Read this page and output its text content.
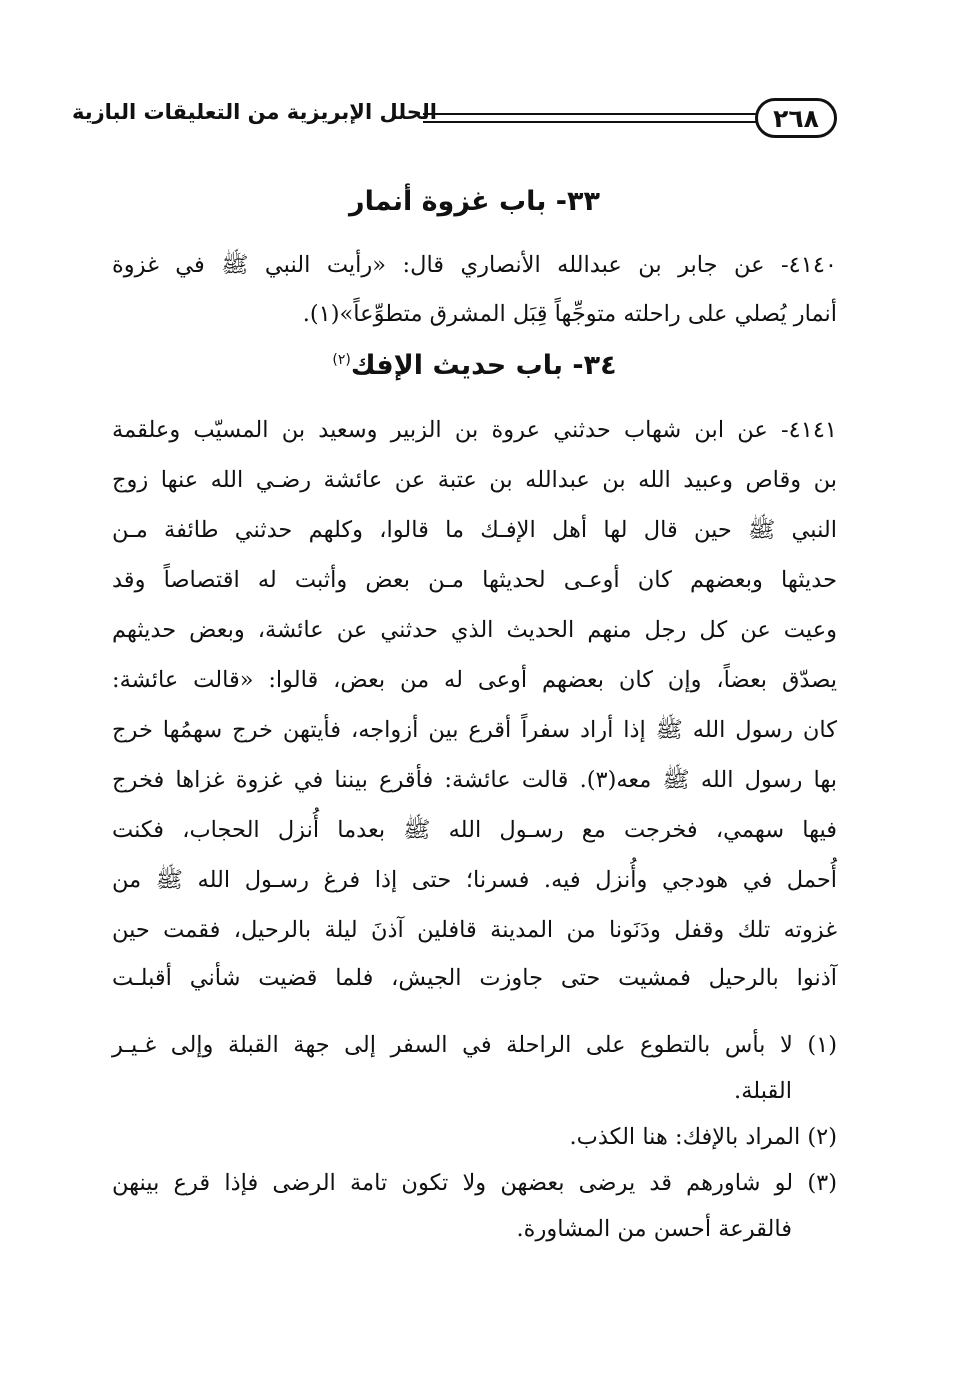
٢٦٨
الحلل الإبريزية من التعليقات البازية
٣٣- باب غزوة أنمار
٤١٤٠- عن جابر بن عبدالله الأنصاري قال: «رأيت النبي ﷺ في غزوة
أنمار يُصلي على راحلته متوجِّهاً قِبَل المشرق متطوِّعاً»(١).
٣٤- باب حديث الإفك$^{(٢)}$
٤١٤١- عن ابن شهاب حدثني عروة بن الزبير وسعيد بن المسيّب وعلقمة
بن وقاص وعبيد الله بن عبدالله بن عتبة عن عائشة رضـي الله عنها زوج
النبي ﷺ حين قال لها أهل الإفـك ما قالوا، وكلهم حدثني طائفة مـن
حديثها وبعضهم كان أوعـى لحديثها مـن بعض وأثبت له اقتصاصاً وقد
وعيت عن كل رجل منهم الحديث الذي حدثني عن عائشة، وبعض حديثهم
يصدّق بعضاً، وإن كان بعضهم أوعى له من بعض، قالوا: «قالت عائشة:
كان رسول الله ﷺ إذا أراد سفراً أقرع بين أزواجه، فأيتهن خرج سهمُها خرج
بها رسول الله ﷺ معه(٣). قالت عائشة: فأقرع بيننا في غزوة غزاها فخرج
فيها سهمي، فخرجت مع رسـول الله ﷺ بعدما أُنزل الحجاب، فكنت
أُحمل في هودجي وأُنزل فيه. فسرنا؛ حتى إذا فرغ رسـول الله ﷺ من
غزوته تلك وقفل ودَنَونا من المدينة قافلين آذنَ ليلة بالرحيل، فقمت حين
آذنوا بالرحيل فمشيت حتى جاوزت الجيش، فلما قضيت شأني أقبلـت
(١) لا بأس بالتطوع على الراحلة في السفر إلى جهة القبلة وإلى غـيـر
القبلة.
(٢) المراد بالإفك: هنا الكذب.
(٣) لو شاورهم قد يرضى بعضهن ولا تكون تامة الرضى فإذا قرع بينهن
فالقرعة أحسن من المشاورة.
